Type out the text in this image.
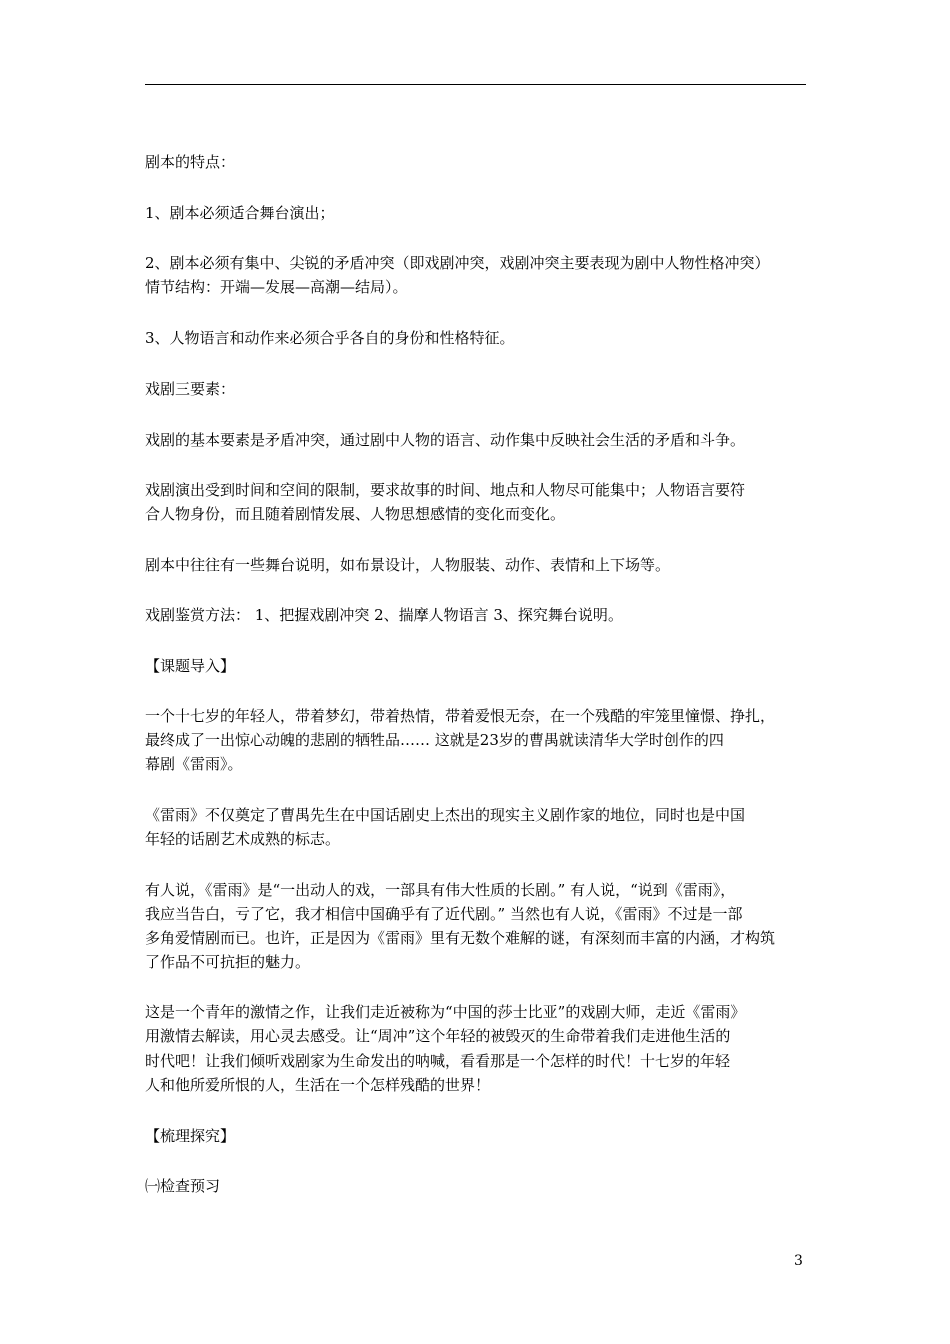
剧本的特点：
1、剧本必须适合舞台演出；
2、剧本必须有集中、尖锐的矛盾冲突（即戏剧冲突，戏剧冲突主要表现为剧中人物性格冲突）
情节结构：开端—发展—高潮—结局）。
3、人物语言和动作来必须合乎各自的身份和性格特征。
戏剧三要素：
戏剧的基本要素是矛盾冲突，通过剧中人物的语言、动作集中反映社会生活的矛盾和斗争。
戏剧演出受到时间和空间的限制，要求故事的时间、地点和人物尽可能集中；人物语言要符
合人物身份，而且随着剧情发展、人物思想感情的变化而变化。
剧本中往往有一些舞台说明，如布景设计，人物服装、动作、表情和上下场等。
戏剧鉴赏方法： 1、把握戏剧冲突 2、揣摩人物语言 3、探究舞台说明。
【课题导入】
一个十七岁的年轻人，带着梦幻，带着热情，带着爱恨无奈，在一个残酷的牢笼里憧憬、挣扎，
最终成了一出惊心动魄的悲剧的牺牲品…… 这就是23岁的曹禺就读清华大学时创作的四
幕剧《雷雨》。
《雷雨》不仅奠定了曹禺先生在中国话剧史上杰出的现实主义剧作家的地位，同时也是中国
年轻的话剧艺术成熟的标志。
有人说，《雷雨》是“一出动人的戏，一部具有伟大性质的长剧。” 有人说，“说到《雷雨》，
我应当告白，亏了它，我才相信中国确乎有了近代剧。” 当然也有人说，《雷雨》不过是一部
多角爱情剧而已。也许，正是因为《雷雨》里有无数个难解的谜，有深刻而丰富的内涵，才构筑
了作品不可抗拒的魅力。
这是一个青年的激情之作，让我们走近被称为“中国的莎士比亚”的戏剧大师，走近《雷雨》
用激情去解读，用心灵去感受。让“周冲”这个年轻的被毁灭的生命带着我们走进他生活的
时代吧！让我们倾听戏剧家为生命发出的呐喊，看看那是一个怎样的时代！十七岁的年轻
人和他所爱所恨的人，生活在一个怎样残酷的世界！
【梳理探究】
㈠检查预习
3
